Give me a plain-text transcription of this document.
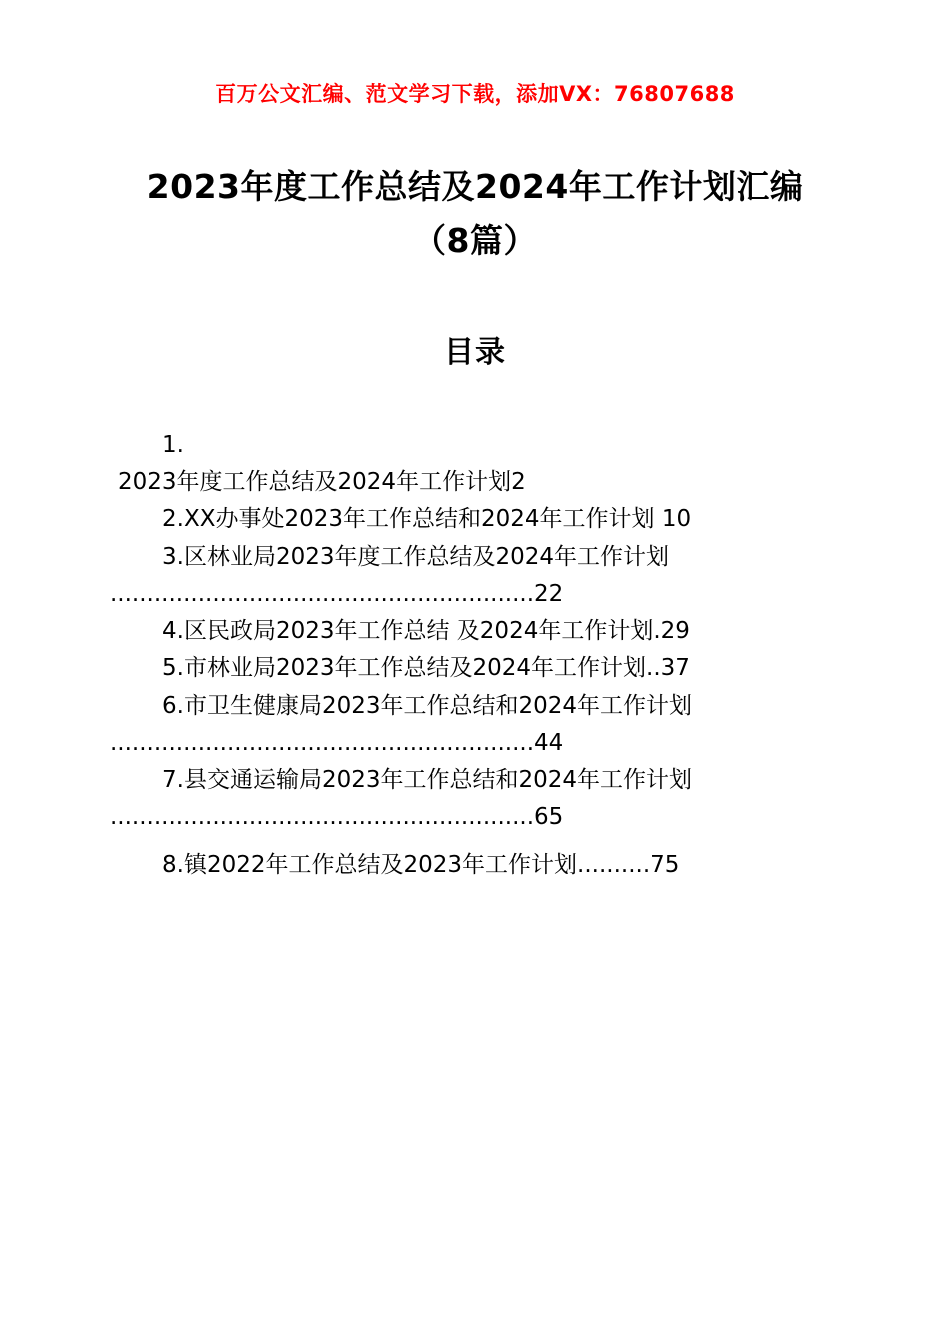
百万公文汇编、范文学习下载，添加VX：76807688
2023年度工作总结及2024年工作计划汇编
（8篇）
目录
1.
2023年度工作总结及2024年工作计划2
2.XX办事处2023年工作总结和2024年工作计划 10
3.区林业局2023年度工作总结及2024年工作计划
..........................................................22
4.区民政局2023年工作总结 及2024年工作计划.29
5.市林业局2023年工作总结及2024年工作计划..37
6.市卫生健康局2023年工作总结和2024年工作计划
..........................................................44
7.县交通运输局2023年工作总结和2024年工作计划
..........................................................65
8.镇2022年工作总结及2023年工作计划..........75
